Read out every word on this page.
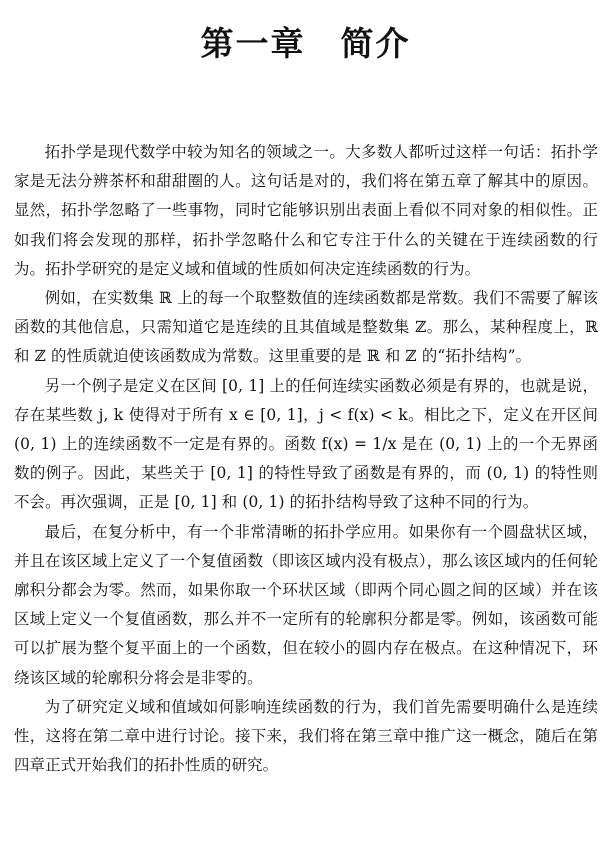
第一章　简介

拓扑学是现代数学中较为知名的领域之一。大多数人都听过这样一句话：拓扑学家是无法分辨茶杯和甜甜圈的人。这句话是对的，我们将在第五章了解其中的原因。显然，拓扑学忽略了一些事物，同时它能够识别出表面上看似不同对象的相似性。正如我们将会发现的那样，拓扑学忽略什么和它专注于什么的关键在于连续函数的行为。拓扑学研究的是定义域和值域的性质如何决定连续函数的行为。

例如，在实数集 ℝ 上的每一个取整数值的连续函数都是常数。我们不需要了解该函数的其他信息，只需知道它是连续的且其值域是整数集 ℤ。那么，某种程度上，ℝ 和 ℤ 的性质就迫使该函数成为常数。这里重要的是 ℝ 和 ℤ 的“拓扑结构”。

另一个例子是定义在区间 [0, 1] 上的任何连续实函数必须是有界的，也就是说，存在某些数 j, k 使得对于所有 x ∈ [0, 1]，j < f(x) < k。相比之下，定义在开区间 (0, 1) 上的连续函数不一定是有界的。函数 f(x) = 1/x 是在 (0, 1) 上的一个无界函数的例子。因此，某些关于 [0, 1] 的特性导致了函数是有界的，而 (0, 1) 的特性则不会。再次强调，正是 [0, 1] 和 (0, 1) 的拓扑结构导致了这种不同的行为。

最后，在复分析中，有一个非常清晰的拓扑学应用。如果你有一个圆盘状区域，并且在该区域上定义了一个复值函数（即该区域内没有极点），那么该区域内的任何轮廓积分都会为零。然而，如果你取一个环状区域（即两个同心圆之间的区域）并在该区域上定义一个复值函数，那么并不一定所有的轮廓积分都是零。例如，该函数可能可以扩展为整个复平面上的一个函数，但在较小的圆内存在极点。在这种情况下，环绕该区域的轮廓积分将会是非零的。

为了研究定义域和值域如何影响连续函数的行为，我们首先需要明确什么是连续性，这将在第二章中进行讨论。接下来，我们将在第三章中推广这一概念，随后在第四章正式开始我们的拓扑性质的研究。
